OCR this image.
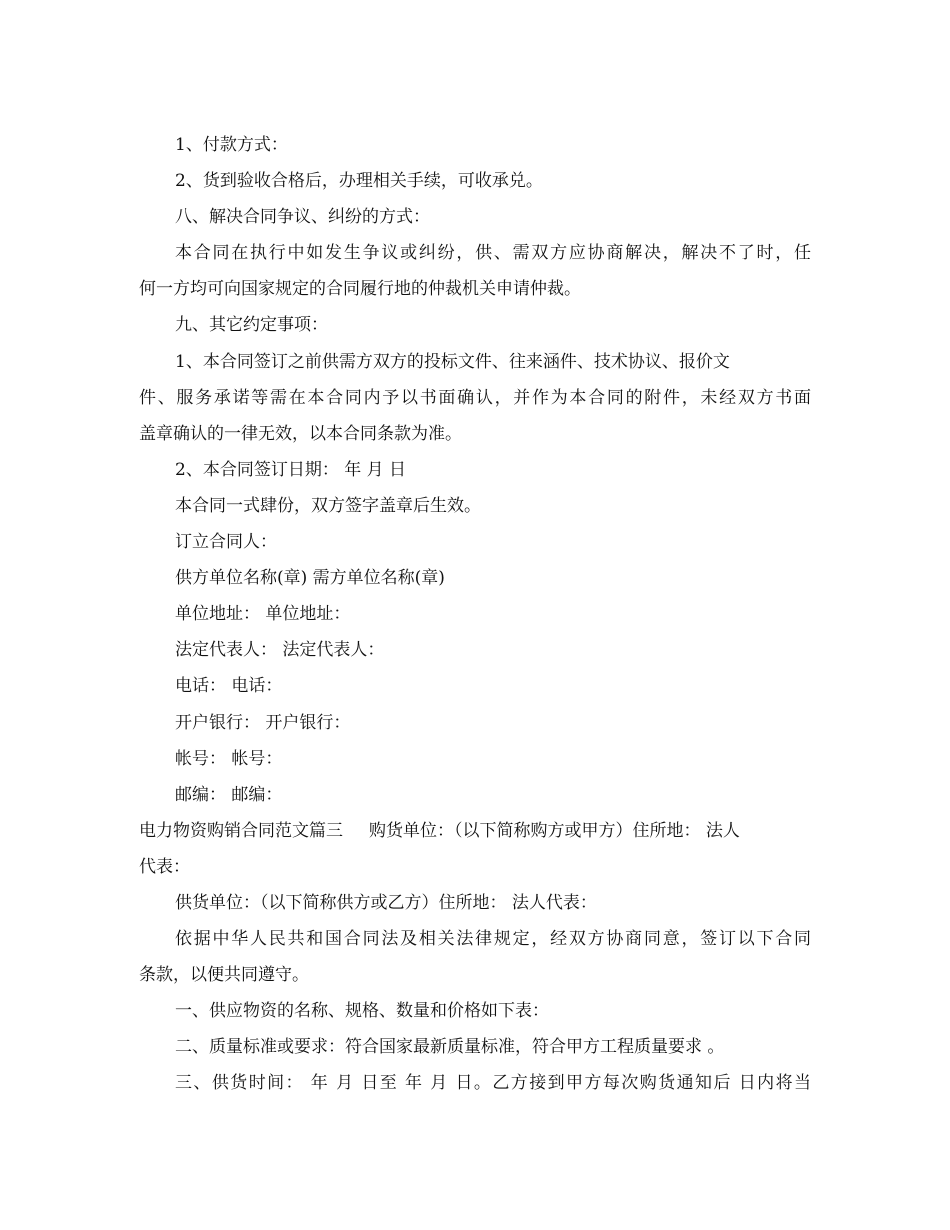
1、付款方式：

2、货到验收合格后，办理相关手续，可收承兑。

八、解决合同争议、纠纷的方式：

本合同在执行中如发生争议或纠纷，供、需双方应协商解决，解决不了时，任

何一方均可向国家规定的合同履行地的仲裁机关申请仲裁。

九、其它约定事项：

1、本合同签订之前供需方双方的投标文件、往来涵件、技术协议、报价文

件、服务承诺等需在本合同内予以书面确认，并作为本合同的附件，未经双方书面

盖章确认的一律无效，以本合同条款为准。

2、本合同签订日期： 年 月 日

本合同一式肆份，双方签字盖章后生效。

订立合同人：

供方单位名称(章) 需方单位名称(章)

单位地址： 单位地址：

法定代表人： 法定代表人：

电话： 电话：

开户银行： 开户银行：

帐号： 帐号：

邮编： 邮编：

电力物资购销合同范文篇三 购货单位：（以下简称购方或甲方）住所地： 法人

代表：

供货单位：（以下简称供方或乙方）住所地： 法人代表：

依据中华人民共和国合同法及相关法律规定，经双方协商同意，签订以下合同

条款，以便共同遵守。

一、供应物资的名称、规格、数量和价格如下表：

二、质量标准或要求：符合国家最新质量标准，符合甲方工程质量要求 。

三、供货时间： 年 月 日至 年 月 日。乙方接到甲方每次购货通知后 日内将当
